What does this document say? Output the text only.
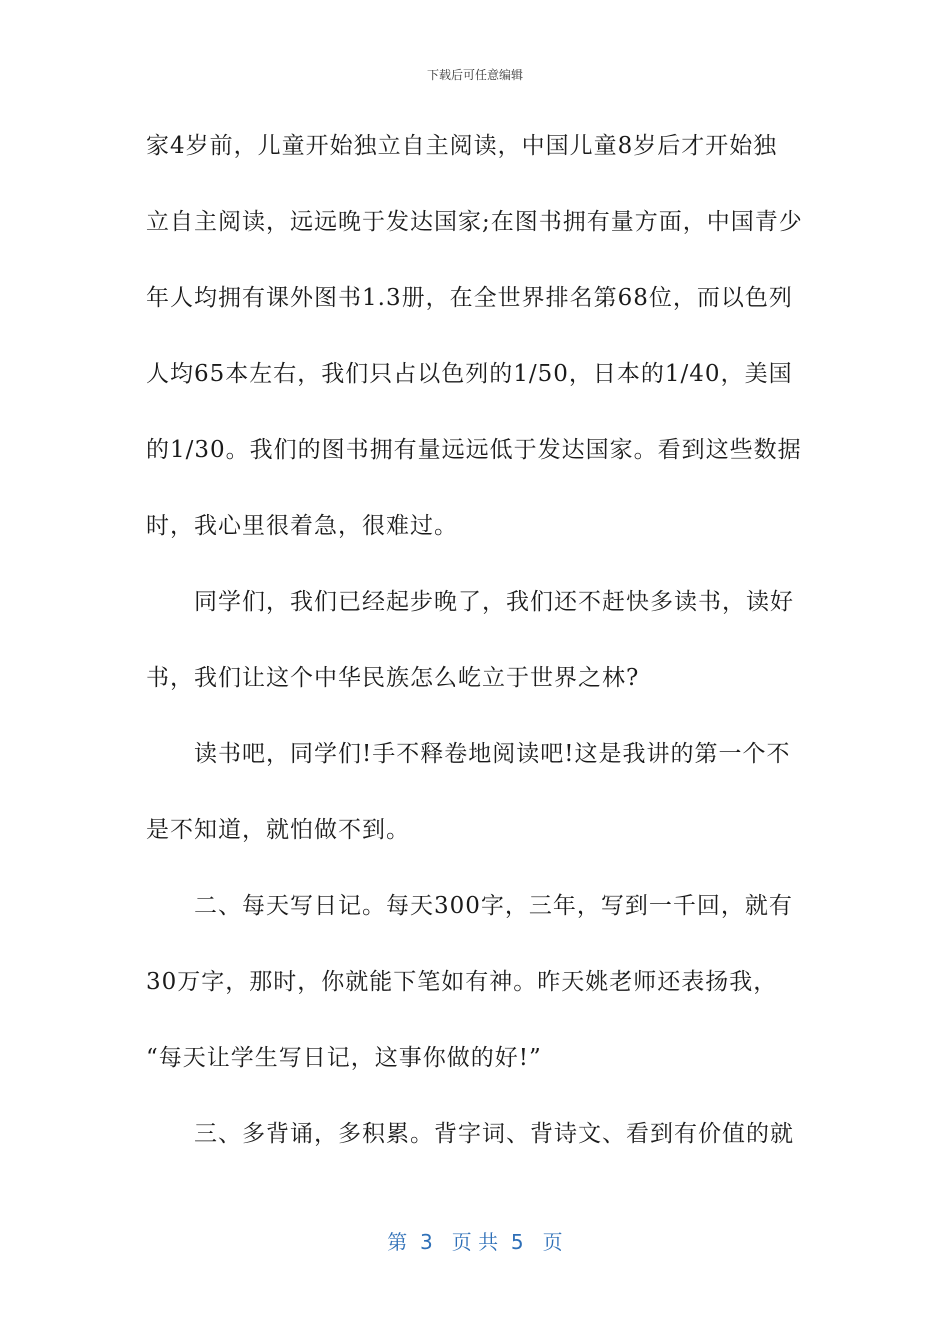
下载后可任意编辑
家4岁前，儿童开始独立自主阅读，中国儿童8岁后才开始独
立自主阅读，远远晚于发达国家;在图书拥有量方面，中国青少
年人均拥有课外图书1.3册，在全世界排名第68位，而以色列
人均65本左右，我们只占以色列的1/50，日本的1/40，美国
的1/30。我们的图书拥有量远远低于发达国家。看到这些数据
时，我心里很着急，很难过。
同学们，我们已经起步晚了，我们还不赶快多读书，读好
书，我们让这个中华民族怎么屹立于世界之林?
读书吧，同学们!手不释卷地阅读吧!这是我讲的第一个不
是不知道，就怕做不到。
二、每天写日记。每天300字，三年，写到一千回，就有
30万字，那时，你就能下笔如有神。昨天姚老师还表扬我，
“每天让学生写日记，这事你做的好!”
三、多背诵，多积累。背字词、背诗文、看到有价值的就
第  3   页 共  5   页
